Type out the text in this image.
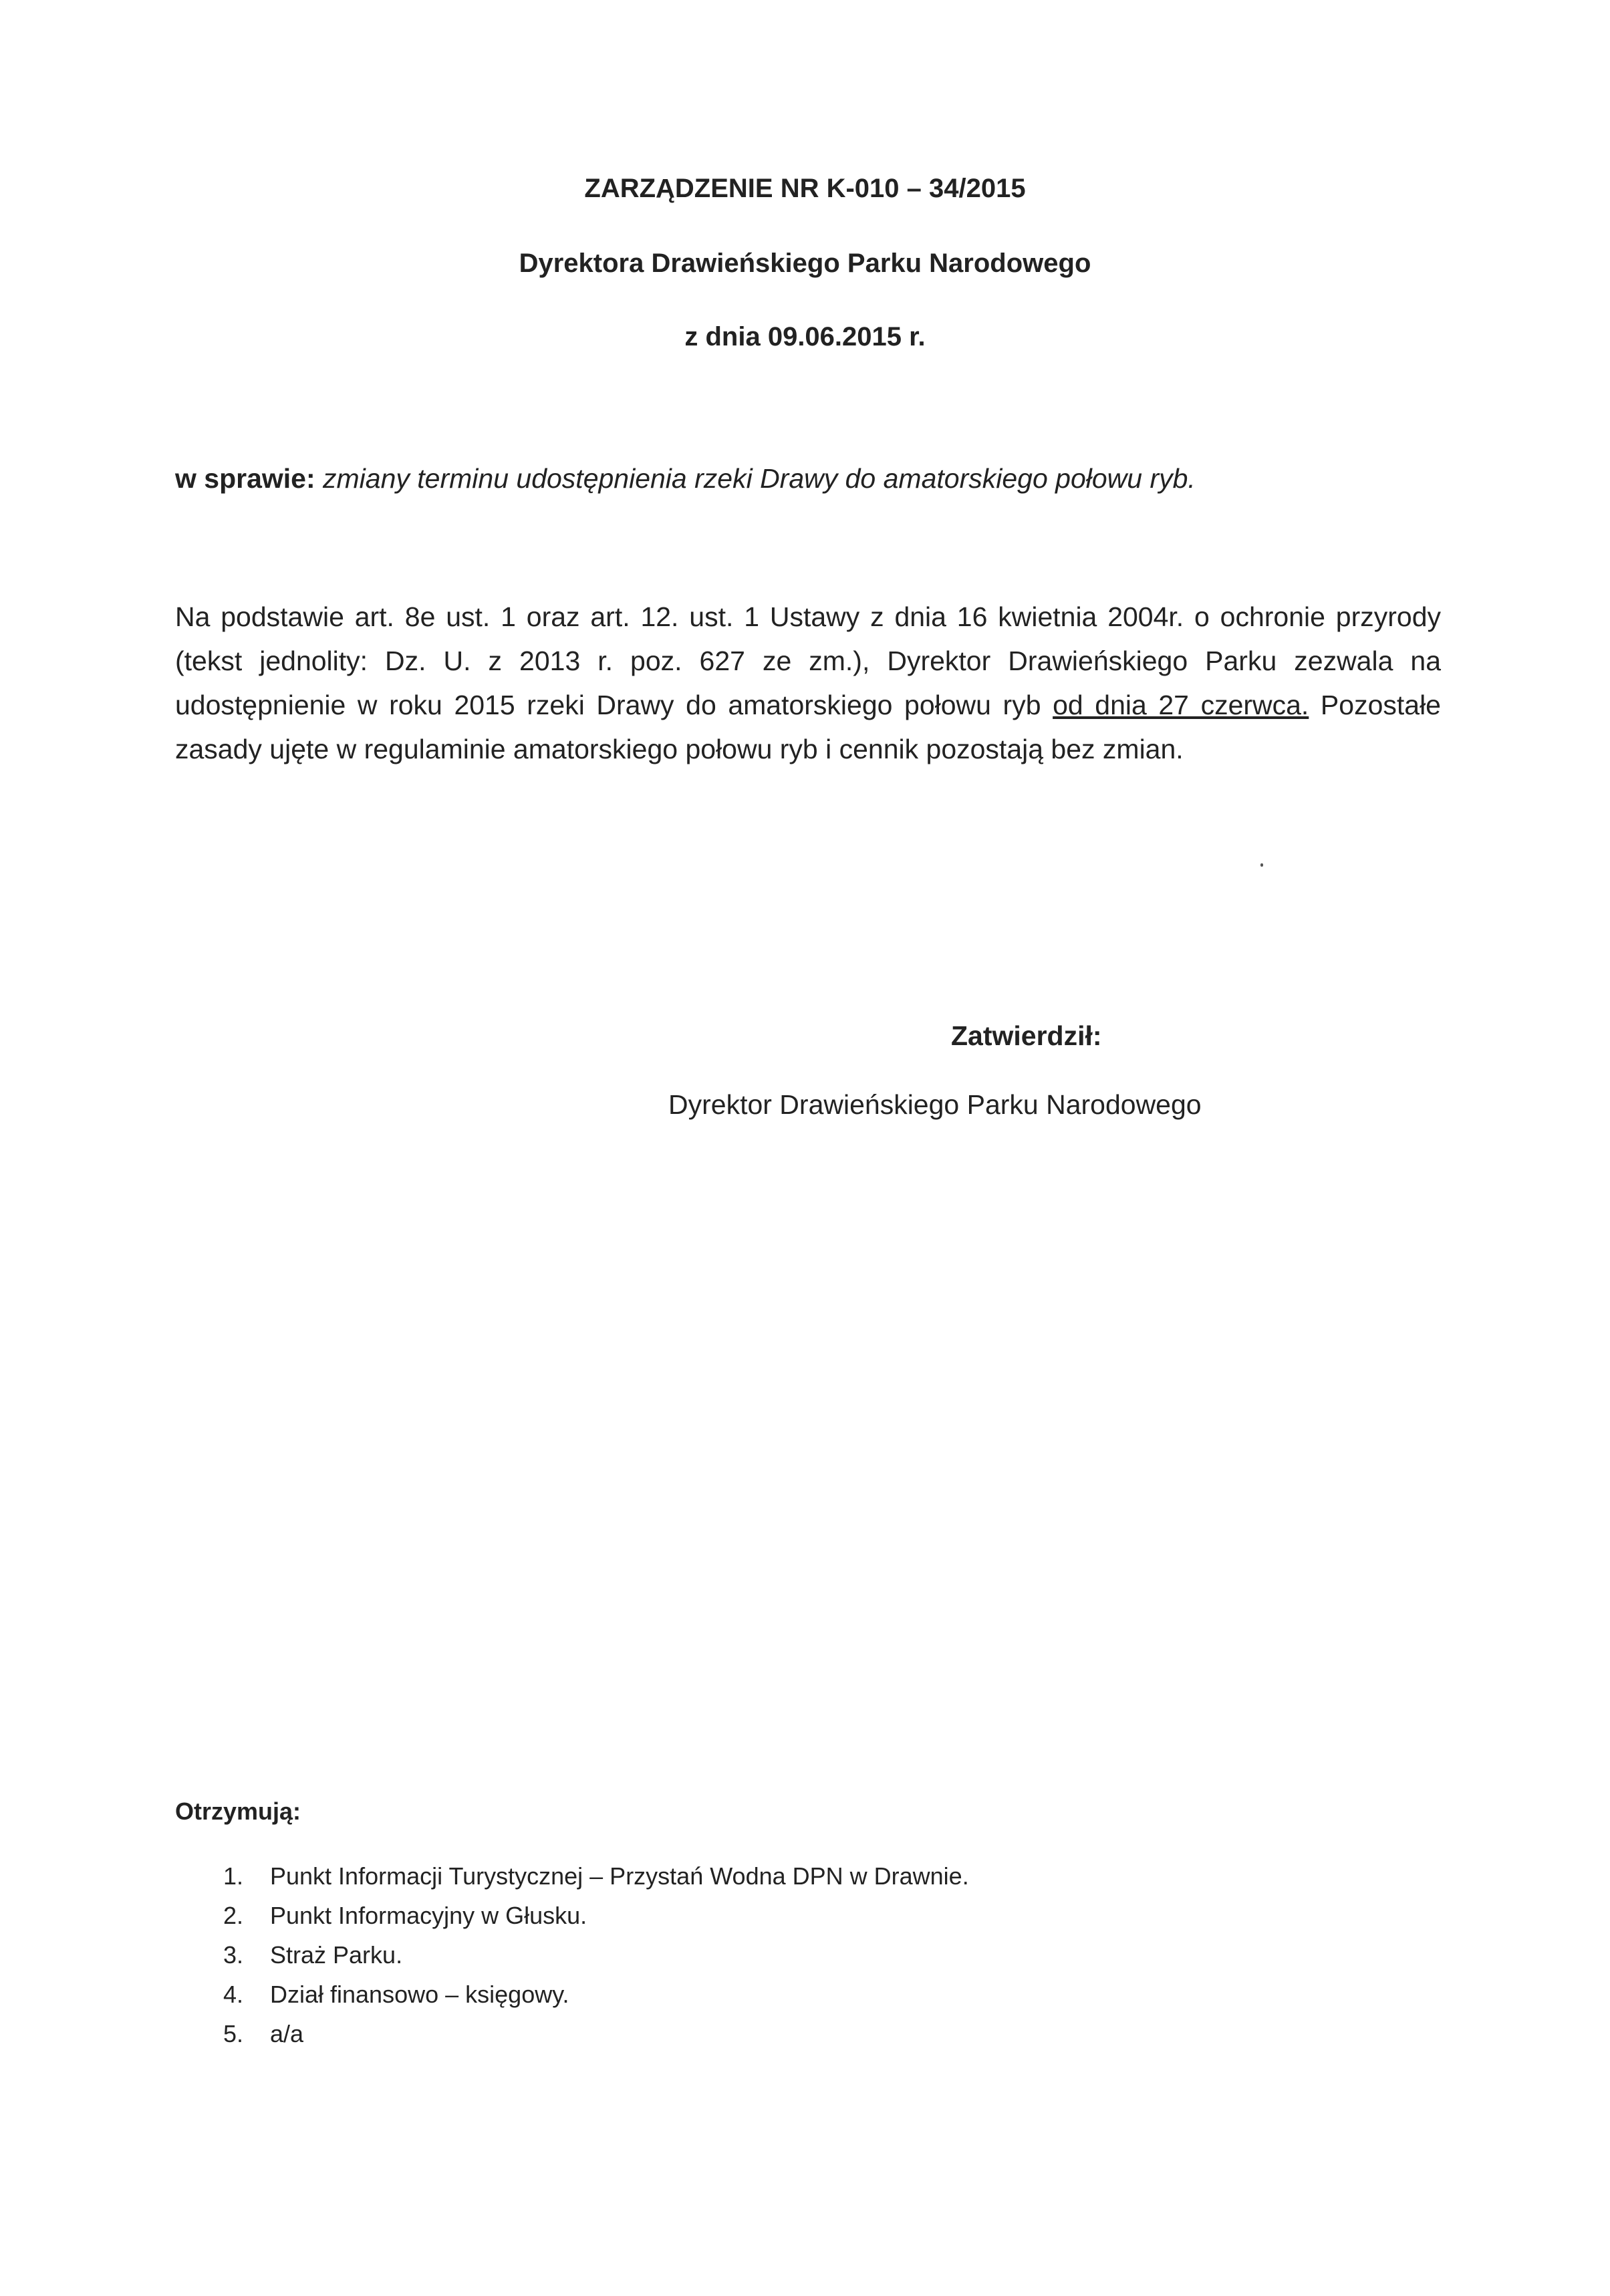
ZARZĄDZENIE NR K-010 – 34/2015
Dyrektora Drawieńskiego Parku Narodowego
z dnia 09.06.2015 r.
w sprawie: zmiany terminu udostępnienia rzeki Drawy do amatorskiego połowu ryb.
Na podstawie art. 8e ust. 1 oraz art. 12. ust. 1 Ustawy z dnia 16 kwietnia 2004r. o ochronie przyrody
(tekst jednolity: Dz. U. z 2013 r. poz. 627 ze zm.), Dyrektor Drawieńskiego Parku zezwala na
udostępnienie w roku 2015 rzeki Drawy do amatorskiego połowu ryb od dnia 27 czerwca. Pozostałe
zasady ujęte w regulaminie amatorskiego połowu ryb i cennik pozostają bez zmian.
Zatwierdził:
Dyrektor Drawieńskiego Parku Narodowego
Otrzymują:
1. Punkt Informacji Turystycznej – Przystań Wodna DPN w Drawnie.
2. Punkt Informacyjny w Głusku.
3. Straż Parku.
4. Dział finansowo – księgowy.
5. a/a
